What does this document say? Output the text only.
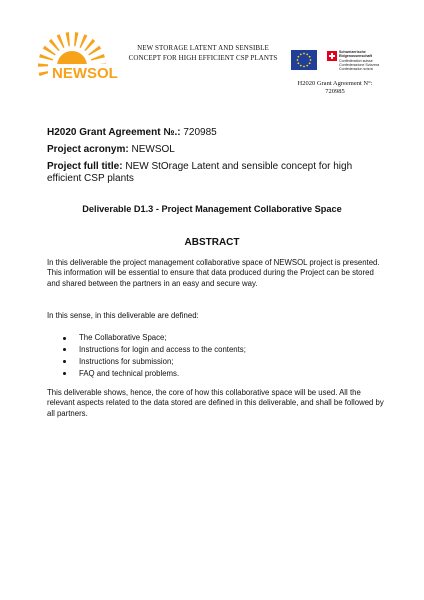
NEWSOL
NEW STORAGE LATENT AND SENSIBLE
CONCEPT FOR HIGH EFFICIENT CSP PLANTS
Schweizerische Eidgenossenschaft
Confédération suisse
Confederazione Svizzera
Confederaziun svizra
H2020 Grant Agreement N°:
720985
H2020 Grant Agreement №.: 720985
Project acronym: NEWSOL
Project full title: NEW StOrage Latent and sensible concept for high efficient CSP plants
Deliverable D1.3 - Project Management Collaborative Space
ABSTRACT
In this deliverable the project management collaborative space of NEWSOL project is presented. This information will be essential to ensure that data produced during the Project can be stored and shared between the partners in an easy and secure way.
In this sense, in this deliverable are defined:
The Collaborative Space;
Instructions for login and access to the contents;
Instructions for submission;
FAQ and technical problems.
This deliverable shows, hence, the core of how this collaborative space will be used. All the relevant aspects related to the data stored are defined in this deliverable, and shall be followed by all partners.
